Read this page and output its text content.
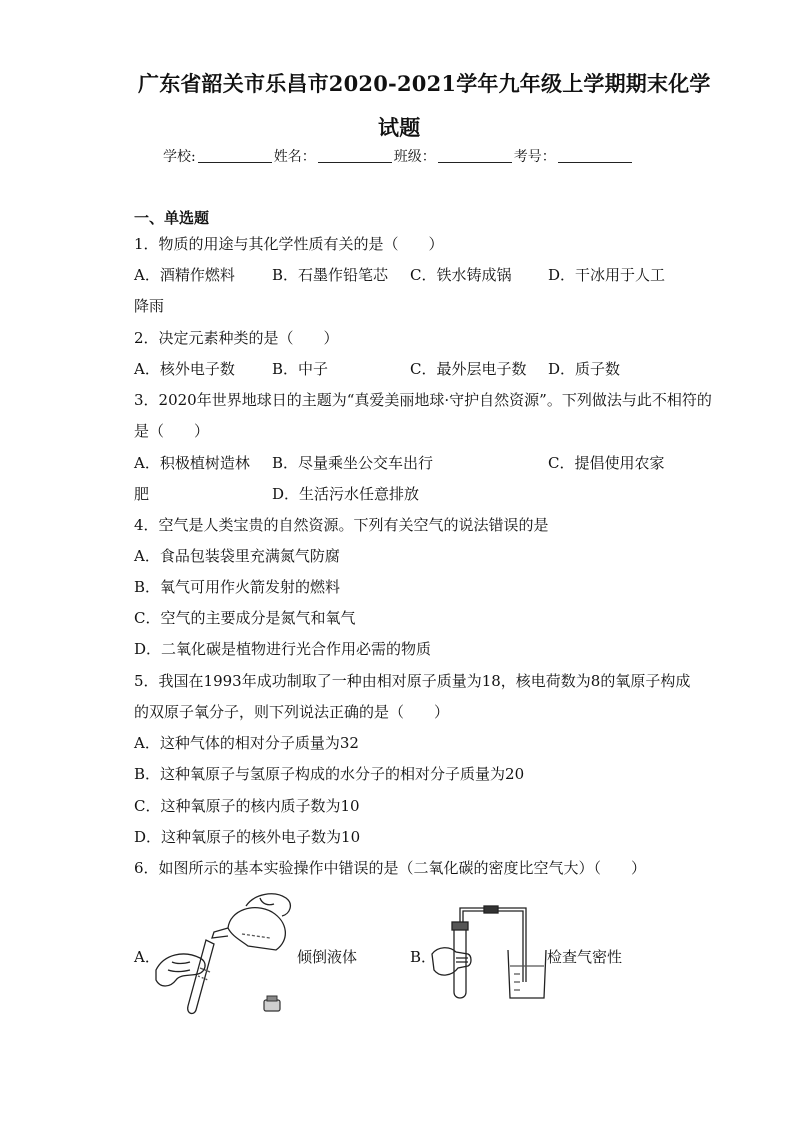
广东省韶关市乐昌市2020-2021学年九年级上学期期末化学
试题
学校:	姓名：	班级：	考号：
一、单选题
1．物质的用途与其化学性质有关的是（　　）
A．酒精作燃料 B．石墨作铅笔芯 C．铁水铸成锅 D．干冰用于人工
降雨
2．决定元素种类的是（　　）
A．核外电子数 B．中子	C．最外层电子数 D．质子数
3．2020年世界地球日的主题为“真爱美丽地球·守护自然资源”。下列做法与此不相符的
是（　　）
A．积极植树造林 B．尽量乘坐公交车出行	C．提倡使用农家
肥	D．生活污水任意排放
4．空气是人类宝贵的自然资源。下列有关空气的说法错误的是
A．食品包装袋里充满氮气防腐
B．氧气可用作火箭发射的燃料
C．空气的主要成分是氮气和氧气
D．二氧化碳是植物进行光合作用必需的物质
5．我国在1993年成功制取了一种由相对原子质量为18，核电荷数为8的氧原子构成
的双原子氧分子，则下列说法正确的是（　　）
A．这种气体的相对分子质量为32
B．这种氧原子与氢原子构成的水分子的相对分子质量为20
C．这种氧原子的核内质子数为10
D．这种氧原子的核外电子数为10
6．如图所示的基本实验操作中错误的是（二氧化碳的密度比空气大）（　　）
A．	倾倒液体	B．	检查气密性
